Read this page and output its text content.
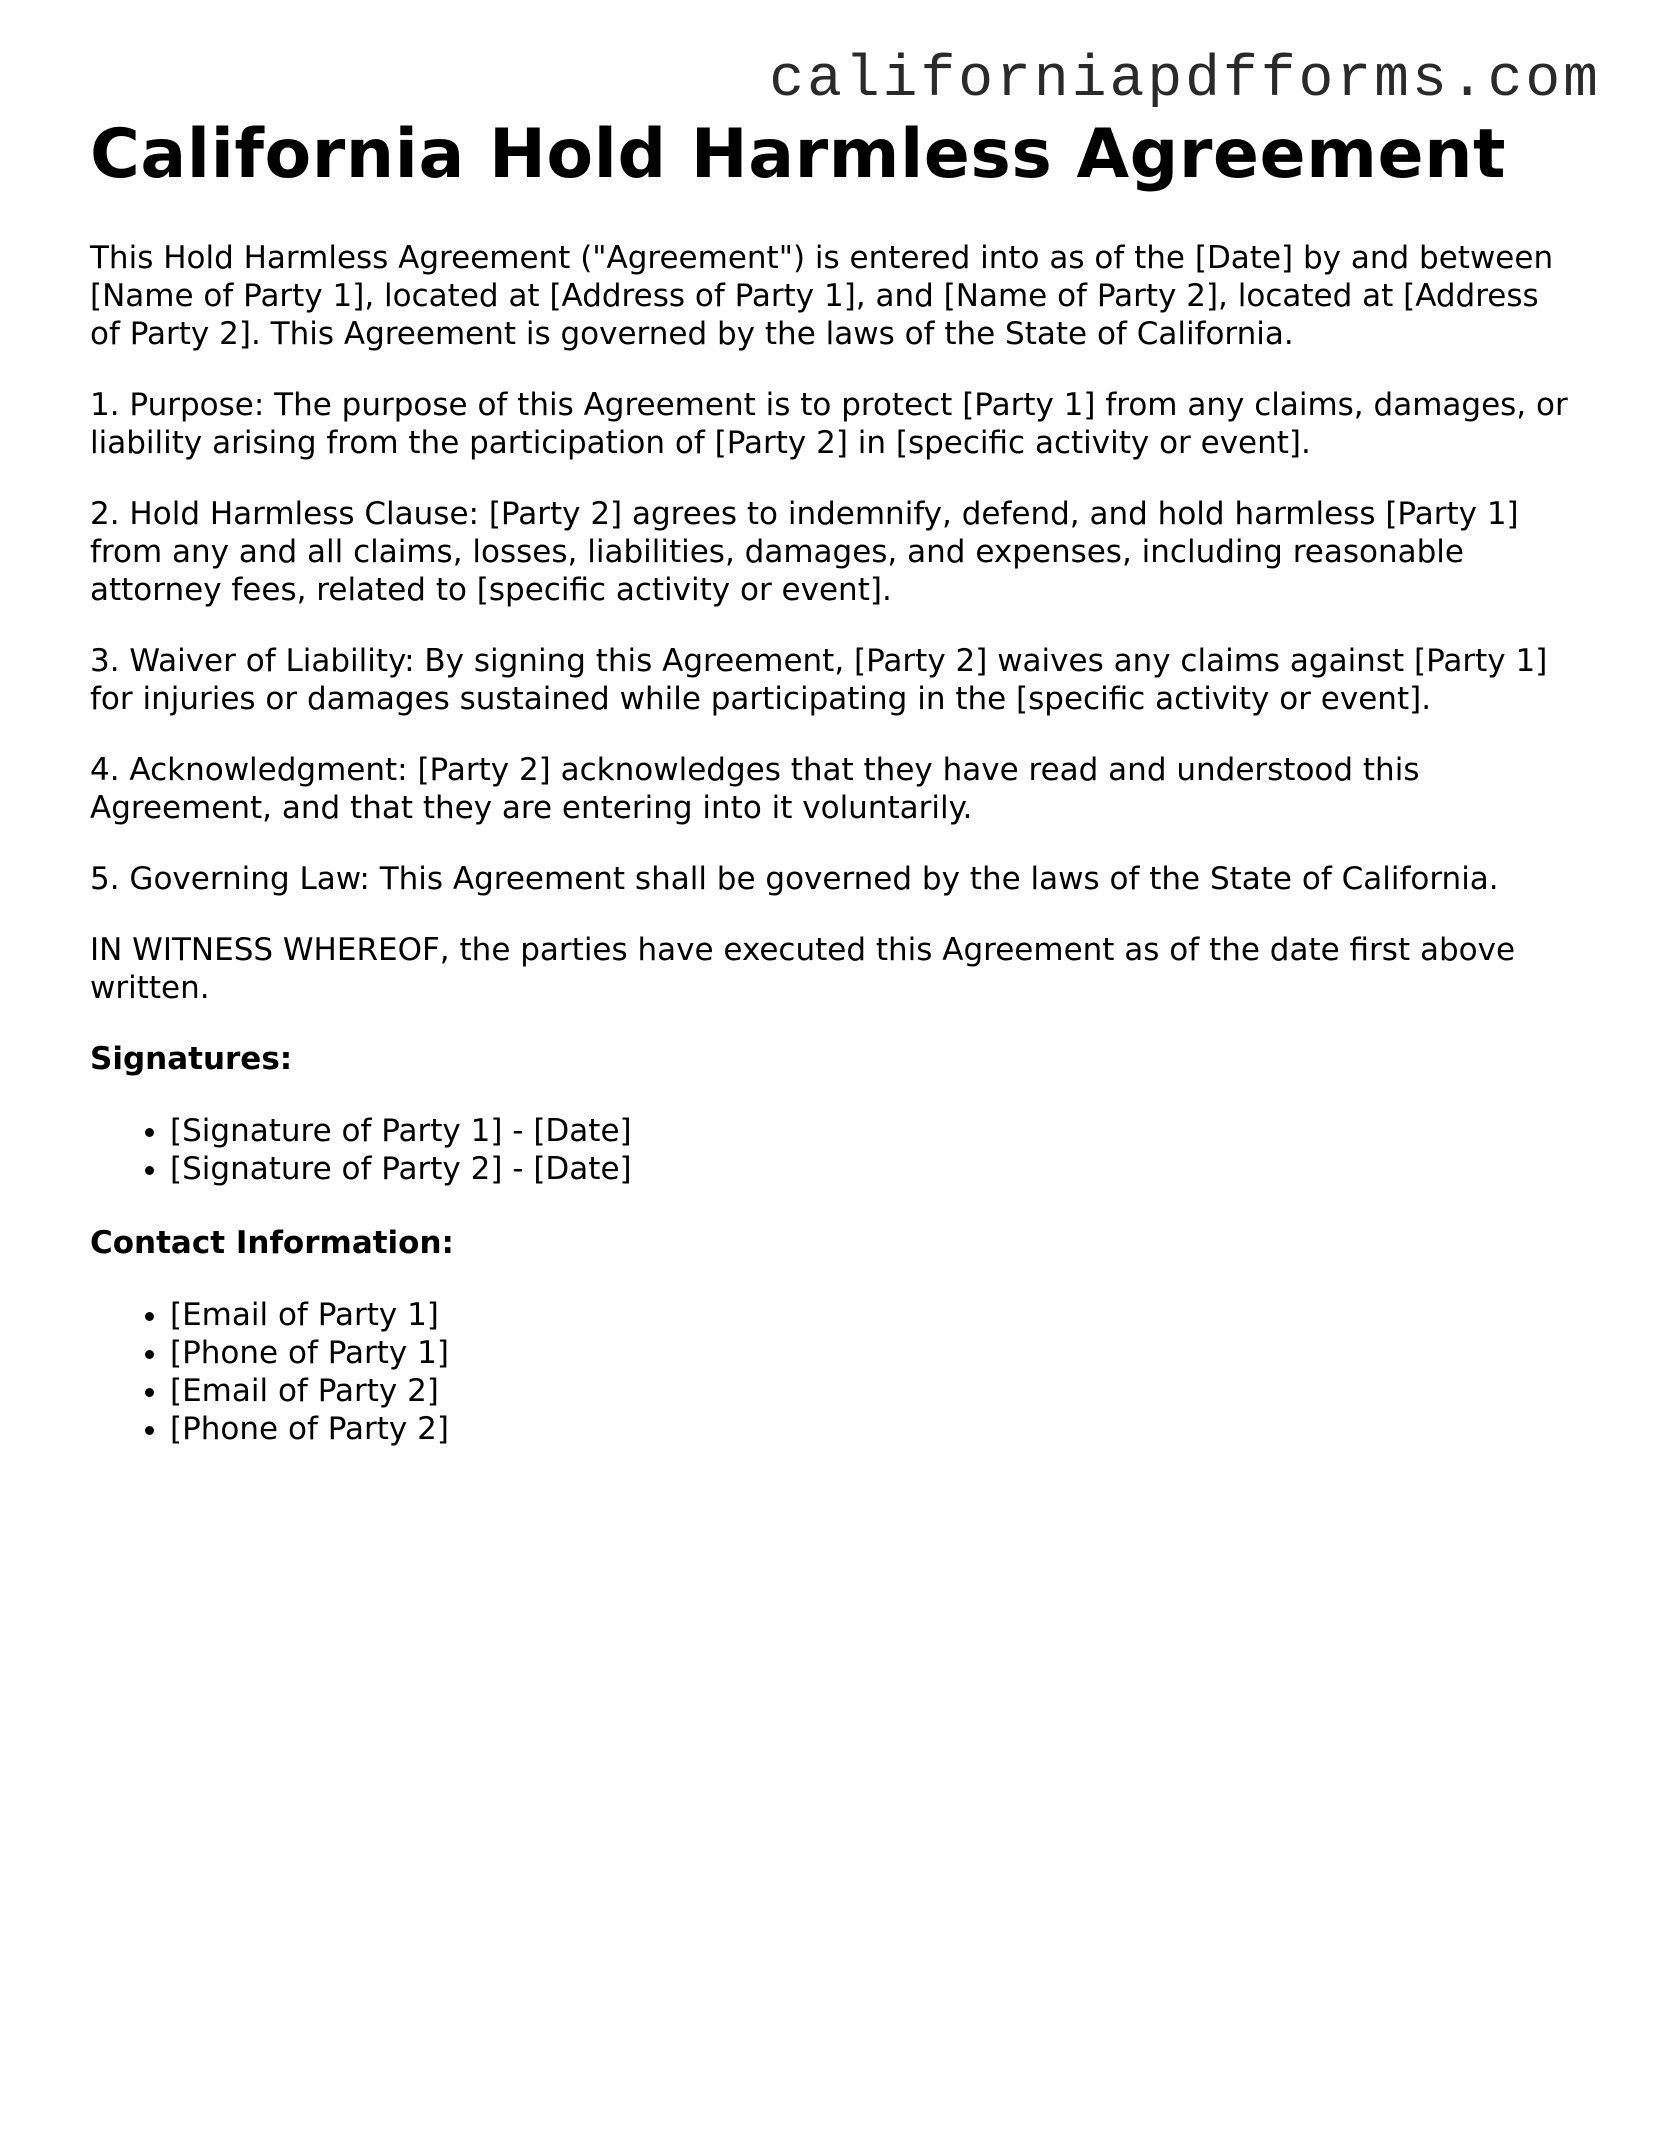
californiapdfforms.com
California Hold Harmless Agreement

This Hold Harmless Agreement ("Agreement") is entered into as of the [Date] by and between [Name of Party 1], located at [Address of Party 1], and [Name of Party 2], located at [Address of Party 2]. This Agreement is governed by the laws of the State of California.

1. Purpose: The purpose of this Agreement is to protect [Party 1] from any claims, damages, or liability arising from the participation of [Party 2] in [specific activity or event].

2. Hold Harmless Clause: [Party 2] agrees to indemnify, defend, and hold harmless [Party 1] from any and all claims, losses, liabilities, damages, and expenses, including reasonable attorney fees, related to [specific activity or event].

3. Waiver of Liability: By signing this Agreement, [Party 2] waives any claims against [Party 1] for injuries or damages sustained while participating in the [specific activity or event].

4. Acknowledgment: [Party 2] acknowledges that they have read and understood this Agreement, and that they are entering into it voluntarily.

5. Governing Law: This Agreement shall be governed by the laws of the State of California.

IN WITNESS WHEREOF, the parties have executed this Agreement as of the date first above written.

Signatures:
• [Signature of Party 1] - [Date]
• [Signature of Party 2] - [Date]
Contact Information:
• [Email of Party 1]
• [Phone of Party 1]
• [Email of Party 2]
• [Phone of Party 2]
